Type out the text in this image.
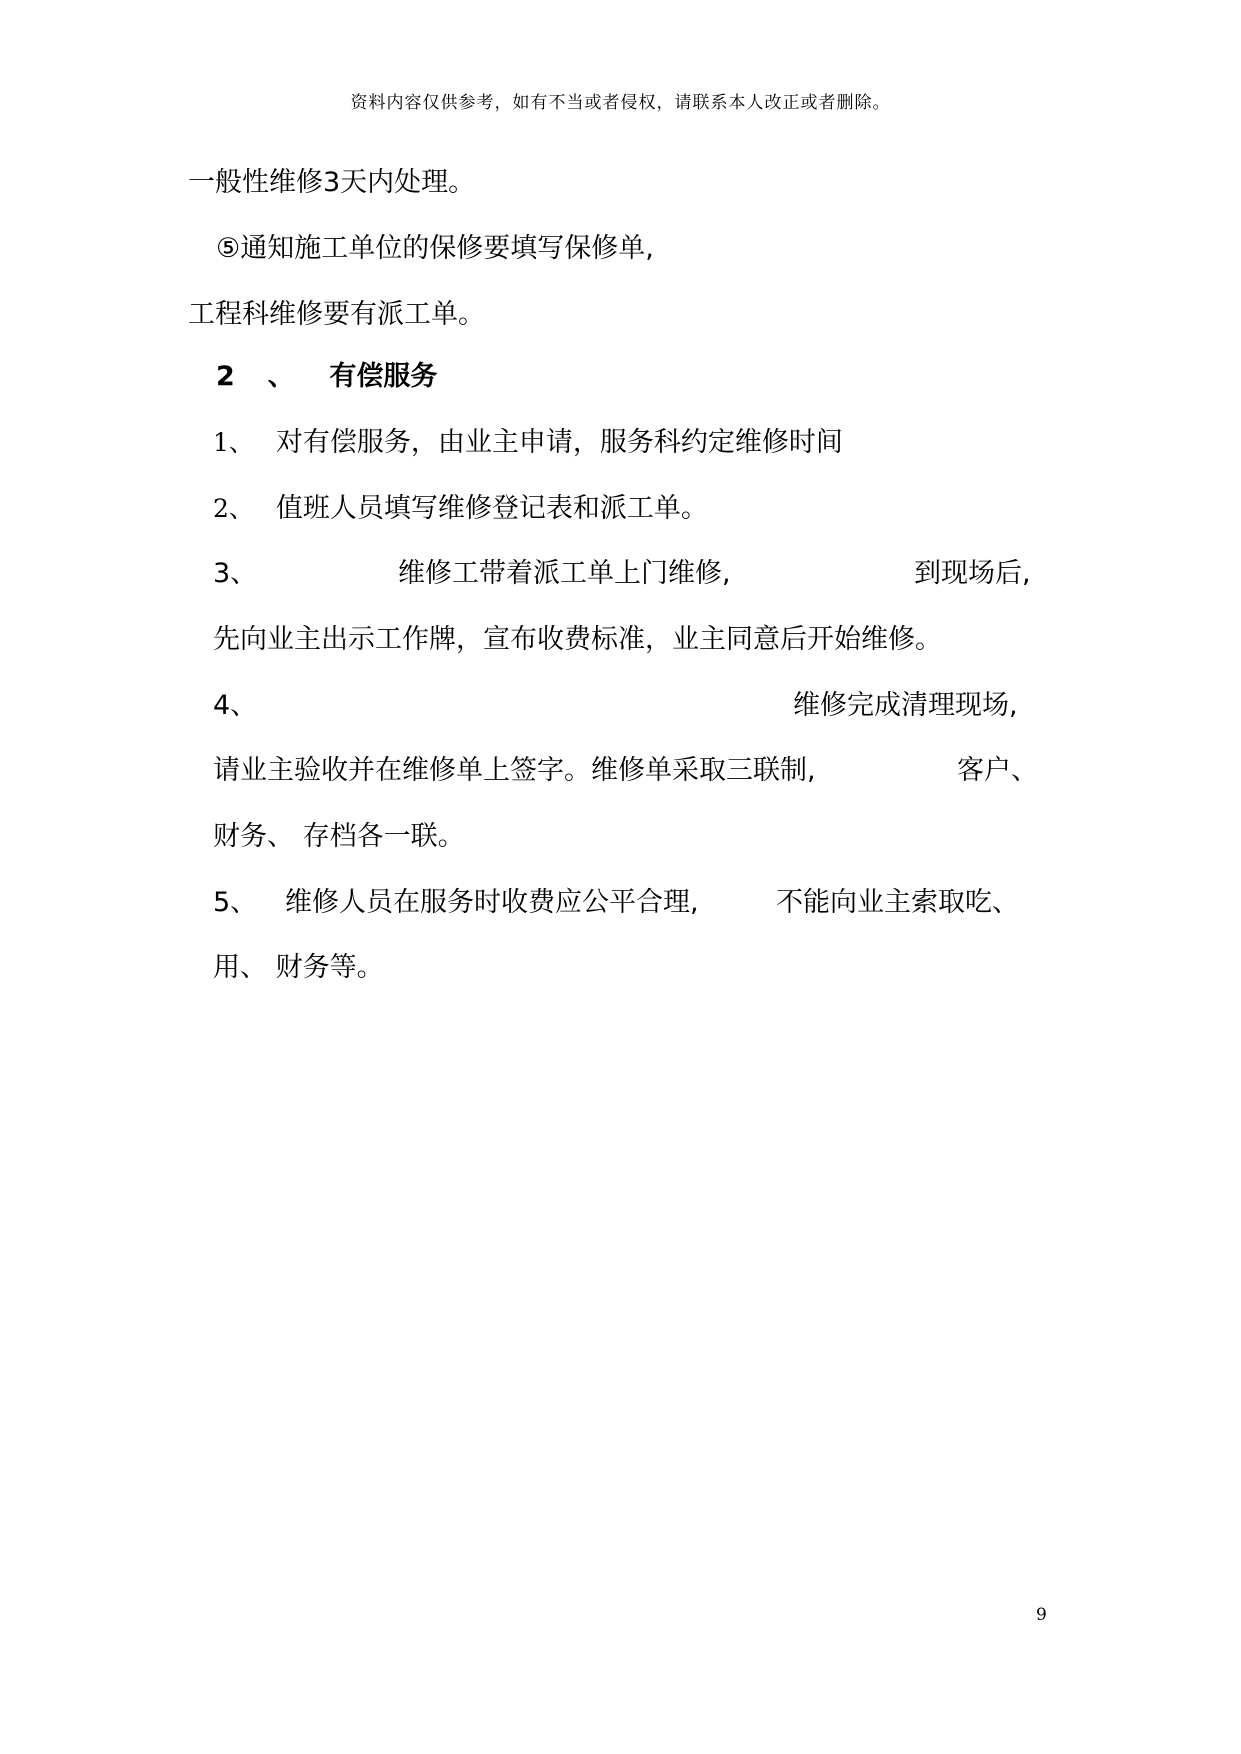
资料内容仅供参考，如有不当或者侵权，请联系本人改正或者删除。
一般性维修3天内处理。
⑤通知施工单位的保修要填写保修单,
工程科维修要有派工单。
2 、 有偿服务
1、 对有偿服务，由业主申请，服务科约定维修时间
2、 值班人员填写维修登记表和派工单。
3、	维修工带着派工单上门维修,	到现场后,
先向业主出示工作牌，宣布收费标准，业主同意后开始维修。
4、	维修完成清理现场,
请业主验收并在维修单上签字。维修单采取三联制,	客户、
财务、 存档各一联。
5、 维修人员在服务时收费应公平合理,	不能向业主索取吃、
用、 财务等。
9
